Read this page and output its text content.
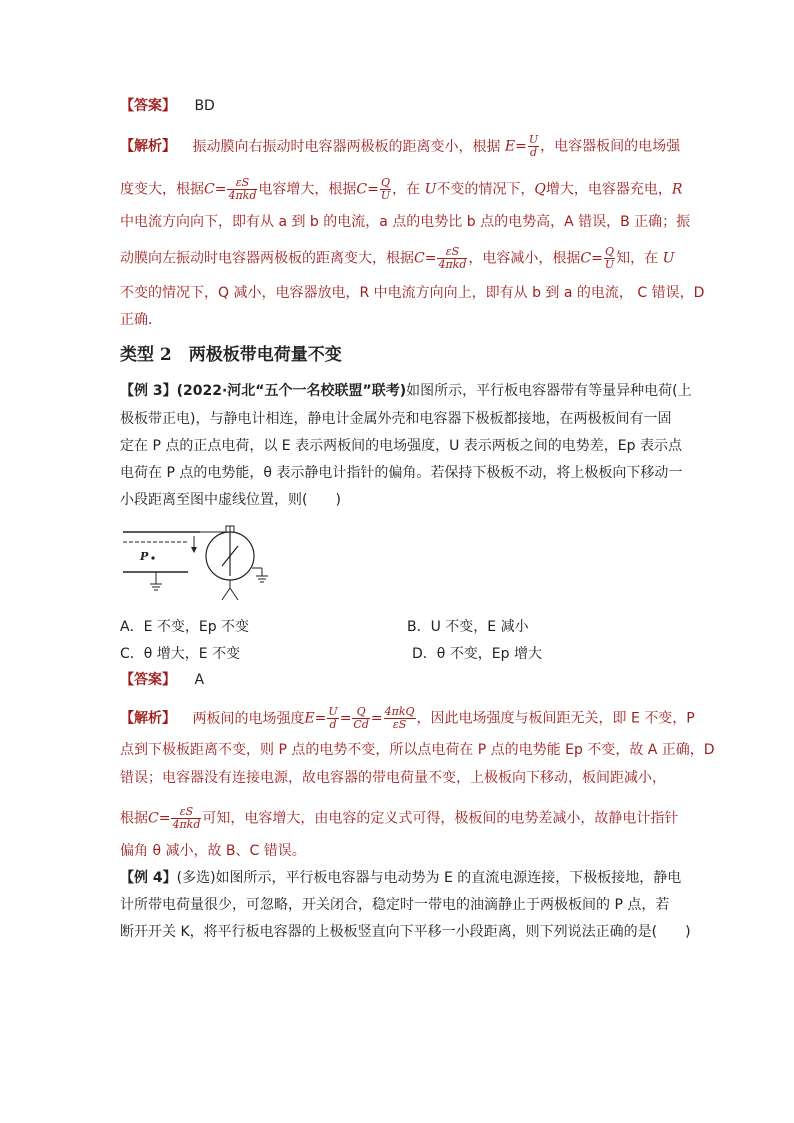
【答案】 BD
【解析】 振动膜向右振动时电容器两极板的距离变小，根据 $E= \frac{U}{d}$ ，电容器板间的电场强
度变大，根据$C= \frac{\varepsilon S}{\text{4πkd}}$ 电容增大，根据$C= \frac{Q}{U}$ ，在 U不变的情况下，Q增大，电容器充电，R
中电流方向向下，即有从 a 到 b 的电流，a 点的电势比 b 点的电势高，A 错误，B 正确；振
动膜向左振动时电容器两极板的距离变大，根据$C= \frac{\varepsilon S}{\text{4πkd}}$ ，电容减小，根据$C= \frac{Q}{U}$ 知，在 U
不变的情况下，Q 减小，电容器放电，R 中电流方向向上，即有从 b 到 a 的电流， C 错误，D
正确．
类型 2　两极板带电荷量不变
【例 3】(2022·河北“五个一名校联盟”联考)如图所示，平行板电容器带有等量异种电荷(上
极板带正电)，与静电计相连，静电计金属外壳和电容器下极板都接地，在两极板间有一固
定在 P 点的正点电荷，以 E 表示两板间的电场强度，U 表示两板之间的电势差，Ep 表示点
电荷在 P 点的电势能，θ 表示静电计指针的偏角。若保持下极板不动，将上极板向下移动一
小段距离至图中虚线位置，则(　　)
P
A．E 不变，Ep 不变	B．U 不变，E 减小
C．θ 增大，E 不变	D．θ 不变，Ep 增大
【答案】 A
【解析】 两板间的电场强度$E= \frac{U}{d} = \frac{Q}{Cd} = \frac{\text{4πkQ}}{\varepsilon S}$ ，因此电场强度与板间距无关，即 E 不变，P
点到下极板距离不变，则 P 点的电势不变，所以点电荷在 P 点的电势能 Ep 不变，故 A 正确，D
错误；电容器没有连接电源，故电容器的带电荷量不变，上极板向下移动，板间距减小，
根据$C= \frac{\varepsilon S}{\text{4πkd}}$ 可知，电容增大，由电容的定义式可得，极板间的电势差减小，故静电计指针
偏角 θ 减小，故 B、C 错误。
【例 4】(多选)如图所示，平行板电容器与电动势为 E 的直流电源连接，下极板接地，静电
计所带电荷量很少，可忽略，开关闭合，稳定时一带电的油滴静止于两极板间的 P 点，若
断开开关 K，将平行板电容器的上极板竖直向下平移一小段距离，则下列说法正确的是(　　)
